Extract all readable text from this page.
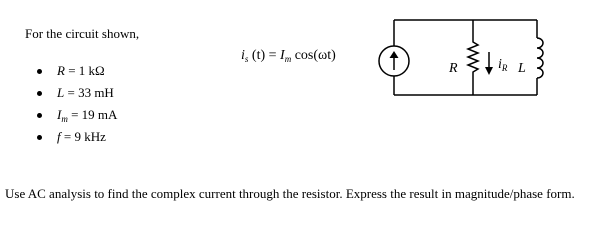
For the circuit shown,
R = 1 kΩ
L = 33 mH
$I_m = 19$ mA
f = 9 kHz
$i_s$ $(t) = I_m$ cos(ωt)
R	$i_R$ L
Use AC analysis to find the complex current through the resistor. Express the result in magnitude/phase form.
